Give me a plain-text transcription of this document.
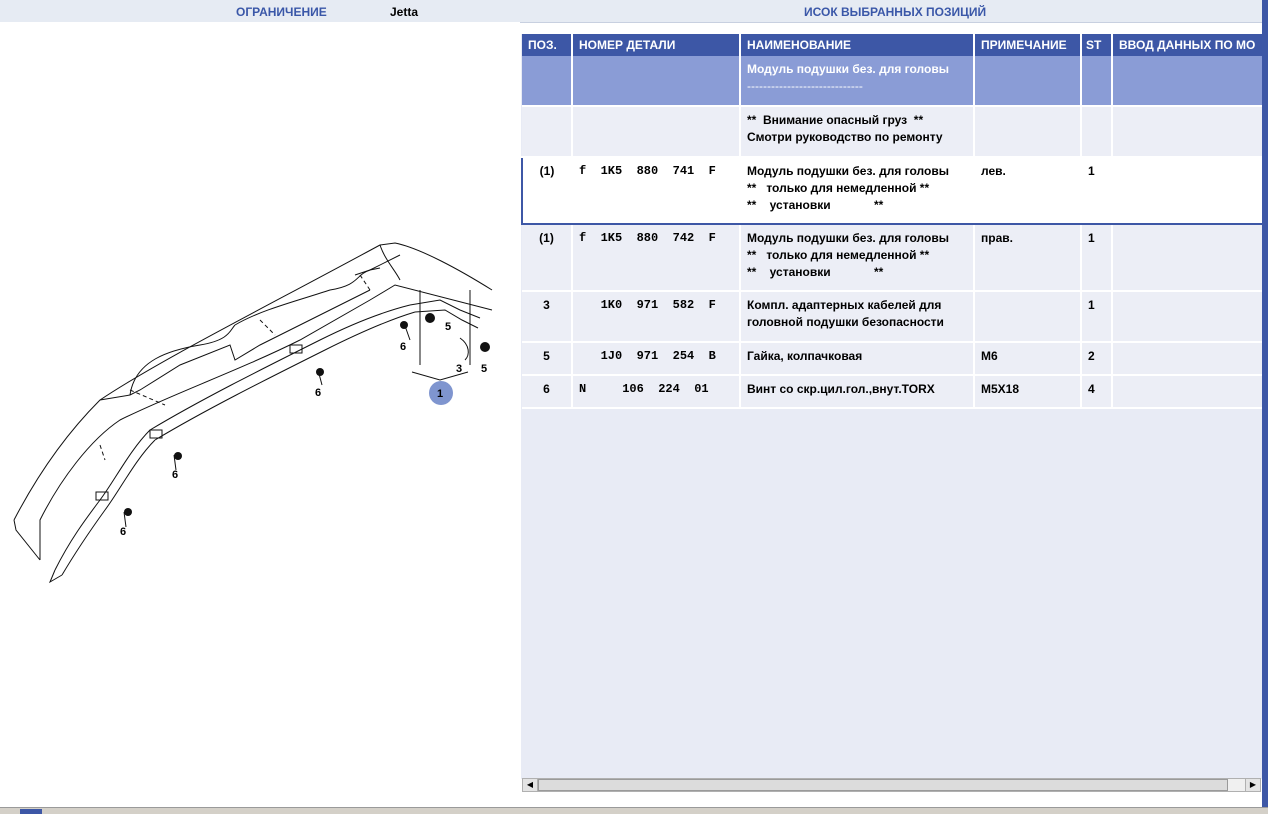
ОГРАНИЧЕНИЕ	Jetta	ИСОК ВЫБРАННЫХ ПОЗИЦИЙ
6
5
3 5
6
6
6
1
ПОЗ.	НОМЕР ДЕТАЛИ	НАИМЕНОВАНИЕ	ПРИМЕЧАНИЕ	ST	ВВОД ДАННЫХ ПО МО
		Модуль подушки без. для головы
-----------------------------			
		**  Внимание опасный груз  **
Смотри руководство по ремонту			
(1)	f  1K5  880  741  F	Модуль подушки без. для головы
**   только для немедленной **
**    установки             **	лев.	1	
(1)	f  1K5  880  742  F	Модуль подушки без. для головы
**   только для немедленной **
**    установки             **	прав.	1	
3	1K0  971  582  F	Компл. адаптерных кабелей для
головной подушки безопасности		1	
5	1J0  971  254  B	Гайка, колпачковая	M6	2	
6	N     106  224  01	Винт со скр.цил.гол.,внут.TORX	M5X18	4	
◀	▶
